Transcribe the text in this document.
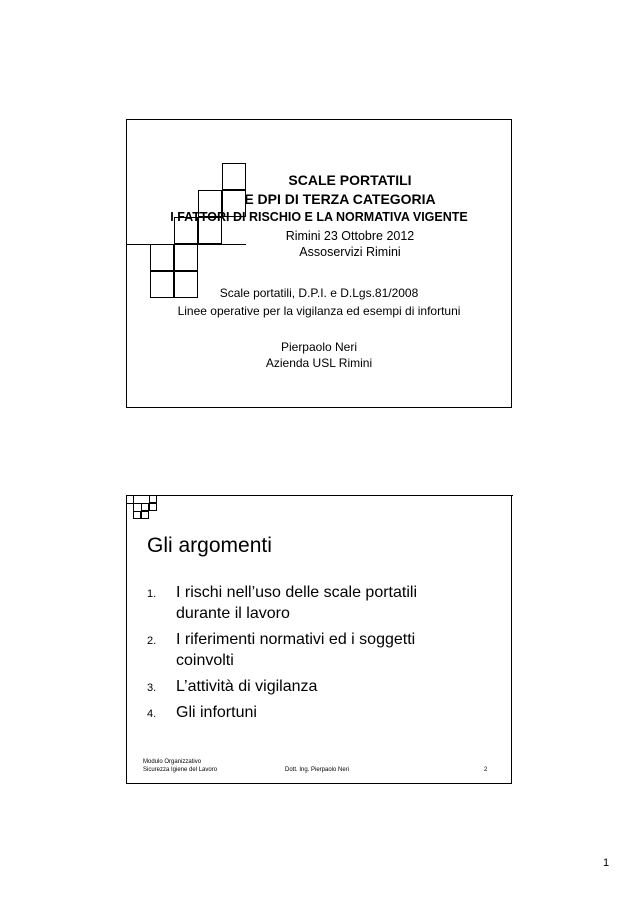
SCALE PORTATILI
E DPI DI TERZA CATEGORIA
I FATTORI DI RISCHIO E LA NORMATIVA VIGENTE
Rimini 23 Ottobre 2012
Assoservizi Rimini
Scale portatili, D.P.I. e D.Lgs.81/2008
Linee operative per la vigilanza ed esempi di infortuni
Pierpaolo Neri
Azienda USL Rimini
Gli argomenti
1. I rischi nell’uso delle scale portatili
durante il lavoro
2. I riferimenti normativi ed i soggetti
coinvolti
3. L’attività di vigilanza
4. Gli infortuni
Modulo Organizzativo
Sicurezza Igiene del Lavoro	Dott. Ing. Pierpaolo Neri	2
1
